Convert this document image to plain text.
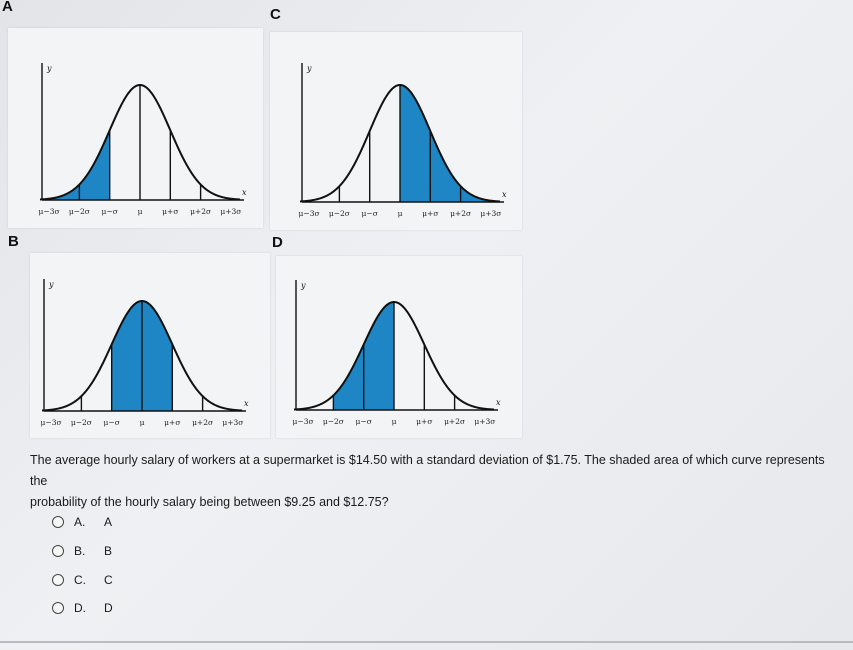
A	C
B	D
y
x
μ−3σ μ−2σ μ−σ	μ	μ+σ μ+2σ μ+3σ
y
x
μ−3σ μ−2σ μ−σ	μ	μ+σ μ+2σ μ+3σ
y
x
μ−3σ μ−2σ μ−σ	μ	μ+σ μ+2σ μ+3σ
y
x
μ−3σ μ−2σ μ−σ	μ	μ+σ μ+2σ μ+3σ
The average hourly salary of workers at a supermarket is $14.50 with a standard deviation of $1.75. The shaded area of which curve represents the
probability of the hourly salary being between $9.25 and $12.75?
A.	A
B.	B
C.	C
D.	D
